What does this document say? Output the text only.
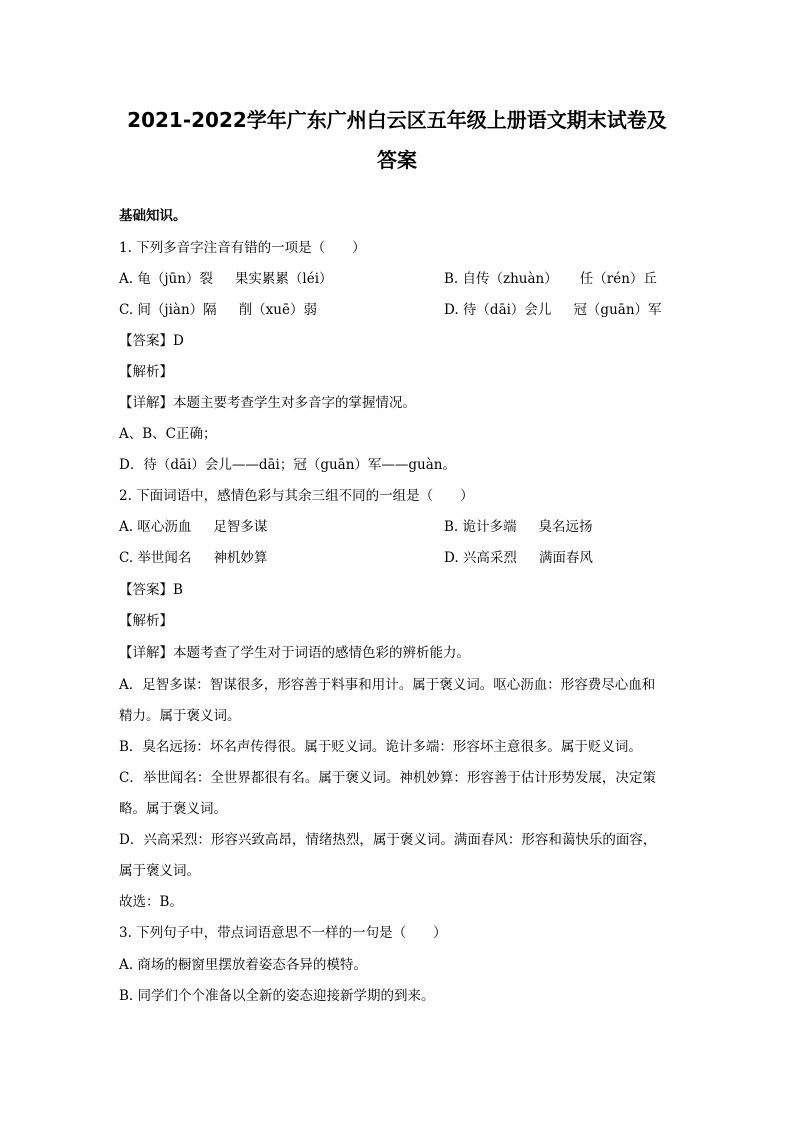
2021-2022学年广东广州白云区五年级上册语文期末试卷及
答案
基础知识。
1. 下列多音字注音有错的一项是（　　）
A. 龟（jūn）裂 果实累累（léi）	B. 自传（zhuàn） 任（rén）丘
C. 间（jiàn）隔 削（xuē）弱	D. 待（dāi）会儿 冠（guān）军
【答案】D
【解析】
【详解】本题主要考查学生对多音字的掌握情况。
A、B、C正确；
D．待（dāi）会儿——dāi；冠（guān）军——guàn。
2. 下面词语中，感情色彩与其余三组不同的一组是（　　）
A. 呕心沥血 足智多谋	B. 诡计多端 臭名远扬
C. 举世闻名 神机妙算	D. 兴高采烈 满面春风
【答案】B
【解析】
【详解】本题考查了学生对于词语的感情色彩的辨析能力。
A．足智多谋：智谋很多，形容善于料事和用计。属于褒义词。呕心沥血：形容费尽心血和
精力。属于褒义词。
B．臭名远扬：坏名声传得很。属于贬义词。诡计多端：形容坏主意很多。属于贬义词。
C．举世闻名：全世界都很有名。属于褒义词。神机妙算：形容善于估计形势发展，决定策
略。属于褒义词。
D．兴高采烈：形容兴致高昂，情绪热烈，属于褒义词。满面春风：形容和蔼快乐的面容，
属于褒义词。
故选：B。
3. 下列句子中，带点词语意思不一样的一句是（　　）
A. 商场的橱窗里摆放着姿态各异的模特。
B. 同学们个个准备以全新的姿态迎接新学期的到来。
